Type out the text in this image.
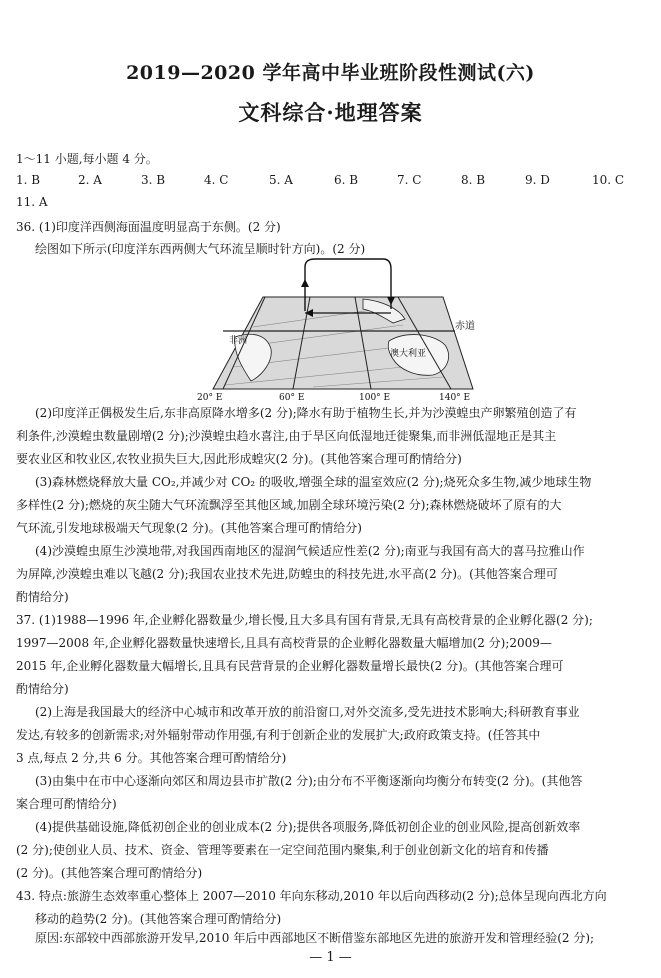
2019—2020 学年高中毕业班阶段性测试(六)
文科综合·地理答案
1～11 小题,每小题 4 分。
1. B	2. A	3. B	4. C	5. A	6. B	7. C	8. B	9. D	10. C
11. A
36. (1)印度洋西侧海面温度明显高于东侧。(2 分)
绘图如下所示(印度洋东西两侧大气环流呈顺时针方向)。(2 分)
赤道
非洲
澳大利亚
20° E	60° E	100° E	140° E
(2)印度洋正偶极发生后,东非高原降水增多(2 分);降水有助于植物生长,并为沙漠蝗虫产卵繁殖创造了有
利条件,沙漠蝗虫数量剧增(2 分);沙漠蝗虫趋水喜注,由于旱区向低湿地迁徙聚集,而非洲低湿地正是其主
要农业区和牧业区,农牧业损失巨大,因此形成蝗灾(2 分)。(其他答案合理可酌情给分)
(3)森林燃烧释放大量 CO₂,并减少对 CO₂ 的吸收,增强全球的温室效应(2 分);烧死众多生物,减少地球生物
多样性(2 分);燃烧的灰尘随大气环流飘浮至其他区域,加剧全球环境污染(2 分);森林燃烧破坏了原有的大
气环流,引发地球极端天气现象(2 分)。(其他答案合理可酌情给分)
(4)沙漠蝗虫原生沙漠地带,对我国西南地区的湿润气候适应性差(2 分);南亚与我国有高大的喜马拉雅山作
为屏障,沙漠蝗虫难以飞越(2 分);我国农业技术先进,防蝗虫的科技先进,水平高(2 分)。(其他答案合理可
酌情给分)
37. (1)1988—1996 年,企业孵化器数量少,增长慢,且大多具有国有背景,无具有高校背景的企业孵化器(2 分);
1997—2008 年,企业孵化器数量快速增长,且具有高校背景的企业孵化器数量大幅增加(2 分);2009—
2015 年,企业孵化器数量大幅增长,且具有民营背景的企业孵化器数量增长最快(2 分)。(其他答案合理可
酌情给分)
(2)上海是我国最大的经济中心城市和改革开放的前沿窗口,对外交流多,受先进技术影响大;科研教育事业
发达,有较多的创新需求;对外辐射带动作用强,有利于创新企业的发展扩大;政府政策支持。(任答其中
3 点,每点 2 分,共 6 分。其他答案合理可酌情给分)
(3)由集中在市中心逐渐向郊区和周边县市扩散(2 分);由分布不平衡逐渐向均衡分布转变(2 分)。(其他答
案合理可酌情给分)
(4)提供基础设施,降低初创企业的创业成本(2 分);提供各项服务,降低初创企业的创业风险,提高创新效率
(2 分);使创业人员、技术、资金、管理等要素在一定空间范围内聚集,利于创业创新文化的培育和传播
(2 分)。(其他答案合理可酌情给分)
43. 特点:旅游生态效率重心整体上 2007—2010 年向东移动,2010 年以后向西移动(2 分);总体呈现向西北方向
移动的趋势(2 分)。(其他答案合理可酌情给分)
原因:东部较中西部旅游开发早,2010 年后中西部地区不断借鉴东部地区先进的旅游开发和管理经验(2 分);
— 1 —
